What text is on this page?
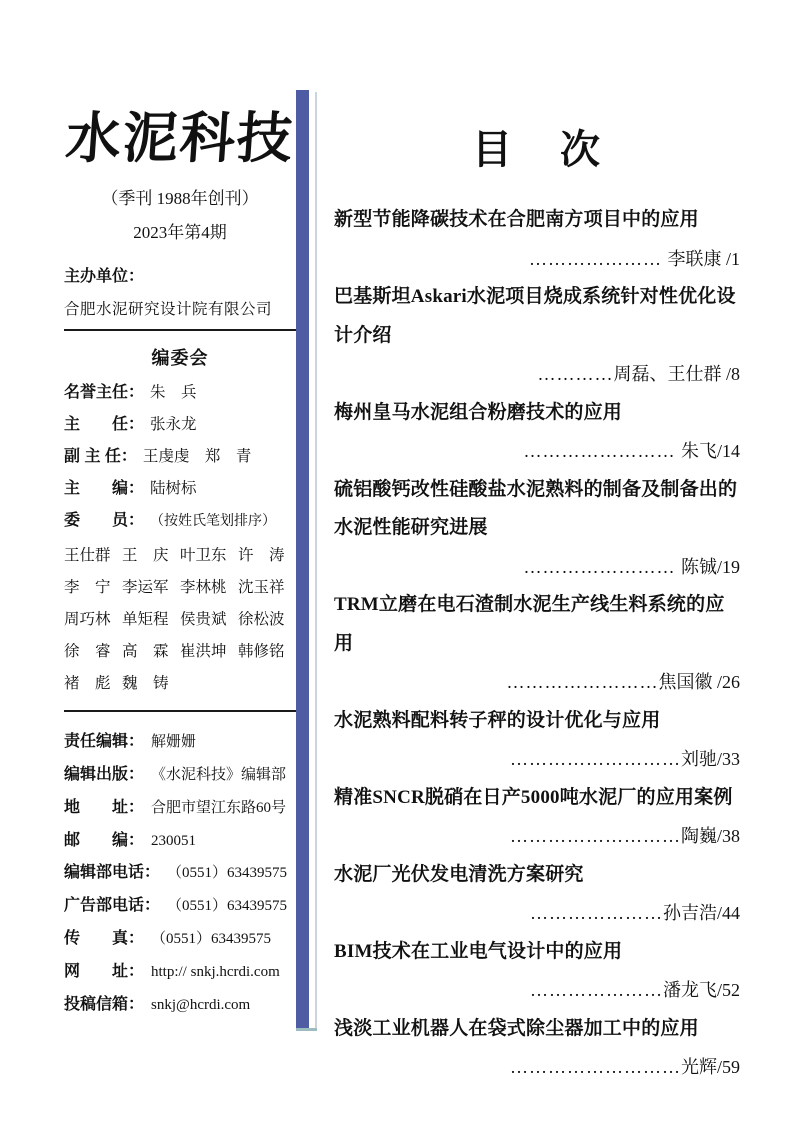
水泥科技
（季刊 1988年创刊）
2023年第4期
主办单位：
合肥水泥研究设计院有限公司
编委会
名誉主任： 朱　兵
主　　任： 张永龙
副 主 任： 王虔虔　郑　青
主　　编： 陆树标
委　　员： （按姓氏笔划排序）
王仕群 王　庆 叶卫东 许　涛
李　宁 李运军 李林桃 沈玉祥
周巧林 单矩程 侯贵斌 徐松波
徐　睿 高　霖 崔洪坤 韩修铭
褚　彪 魏　铸
责任编辑： 解姗姗
编辑出版： 《水泥科技》编辑部
地　　址： 合肥市望江东路60号
邮　　编： 230051
编辑部电话： （0551）63439575
广告部电话： （0551）63439575
传　　真： （0551）63439575
网　　址： http:// snkj.hcrdi.com
投稿信箱： snkj@hcrdi.com
目　次
新型节能降碳技术在合肥南方项目中的应用
………………… 李联康 /1
巴基斯坦Askari水泥项目烧成系统针对性优化设计介绍
…………周磊、王仕群 /8
梅州皇马水泥组合粉磨技术的应用
…………………… 朱飞/14
硫铝酸钙改性硅酸盐水泥熟料的制备及制备出的水泥性能研究进展
…………………… 陈铖/19
TRM立磨在电石渣制水泥生产线生料系统的应用
……………………焦国徽 /26
水泥熟料配料转子秤的设计优化与应用
………………………刘驰/33
精准SNCR脱硝在日产5000吨水泥厂的应用案例
………………………陶巍/38
水泥厂光伏发电清洗方案研究
…………………孙吉浩/44
BIM技术在工业电气设计中的应用
…………………潘龙飞/52
浅淡工业机器人在袋式除尘器加工中的应用
………………………光辉/59
